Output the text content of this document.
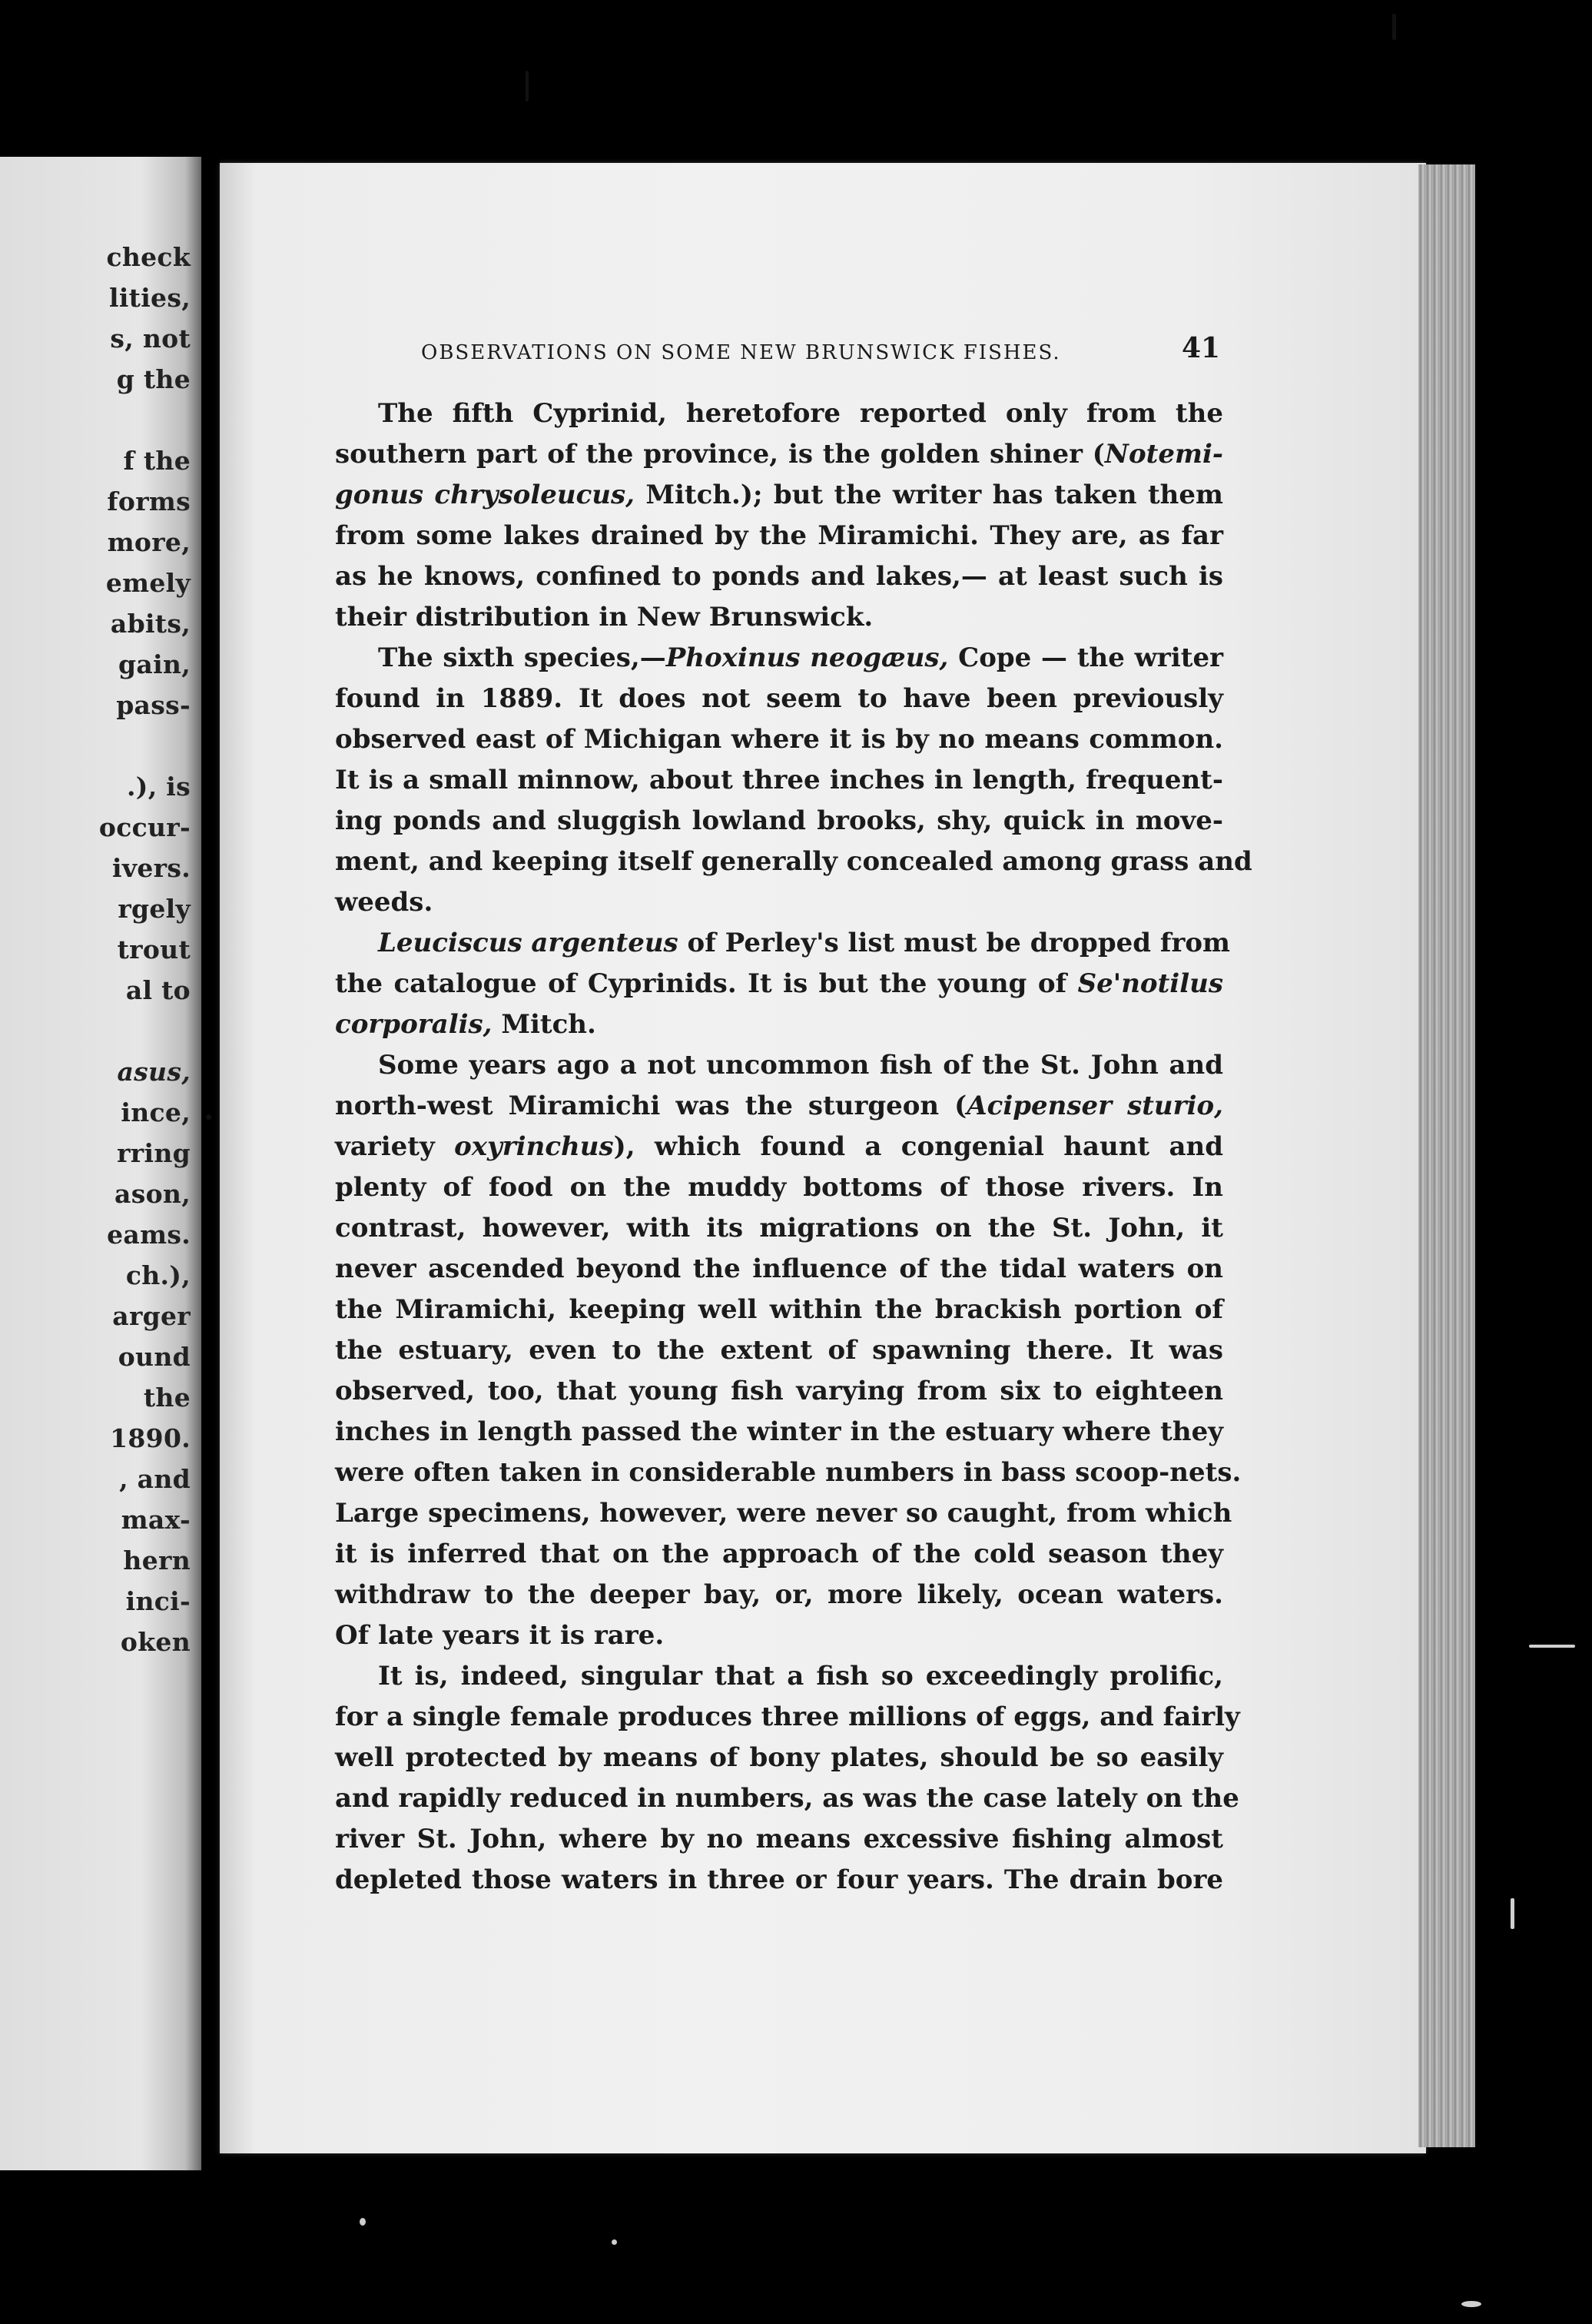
check
lities,
s, not
g the
f the
forms
more,
emely
abits,
gain,
pass-
.), is
occur-
ivers.
rgely
trout
al to
asus,
ince,
rring
ason,
eams.
ch.),
arger
ound
the
1890.
, and
max-
hern
inci-
oken
OBSERVATIONS ON SOME NEW BRUNSWICK FISHES.	41
The fifth Cyprinid, heretofore reported only from the
southern part of the province, is the golden shiner (Notemi-
gonus chrysoleucus, Mitch.); but the writer has taken them
from some lakes drained by the Miramichi. They are, as far
as he knows, confined to ponds and lakes,— at least such is
their distribution in New Brunswick.
The sixth species,—Phoxinus neogæus, Cope — the writer
found in 1889. It does not seem to have been previously
observed east of Michigan where it is by no means common.
It is a small minnow, about three inches in length, frequent-
ing ponds and sluggish lowland brooks, shy, quick in move-
ment, and keeping itself generally concealed among grass and
weeds.
Leuciscus argenteus of Perley's list must be dropped from
the catalogue of Cyprinids. It is but the young of Se'notilus
corporalis, Mitch.
Some years ago a not uncommon fish of the St. John and
north-west Miramichi was the sturgeon (Acipenser sturio,
variety oxyrinchus), which found a congenial haunt and
plenty of food on the muddy bottoms of those rivers. In
contrast, however, with its migrations on the St. John, it
never ascended beyond the influence of the tidal waters on
the Miramichi, keeping well within the brackish portion of
the estuary, even to the extent of spawning there. It was
observed, too, that young fish varying from six to eighteen
inches in length passed the winter in the estuary where they
were often taken in considerable numbers in bass scoop-nets.
Large specimens, however, were never so caught, from which
it is inferred that on the approach of the cold season they
withdraw to the deeper bay, or, more likely, ocean waters.
Of late years it is rare.
It is, indeed, singular that a fish so exceedingly prolific,
for a single female produces three millions of eggs, and fairly
well protected by means of bony plates, should be so easily
and rapidly reduced in numbers, as was the case lately on the
river St. John, where by no means excessive fishing almost
depleted those waters in three or four years. The drain bore
